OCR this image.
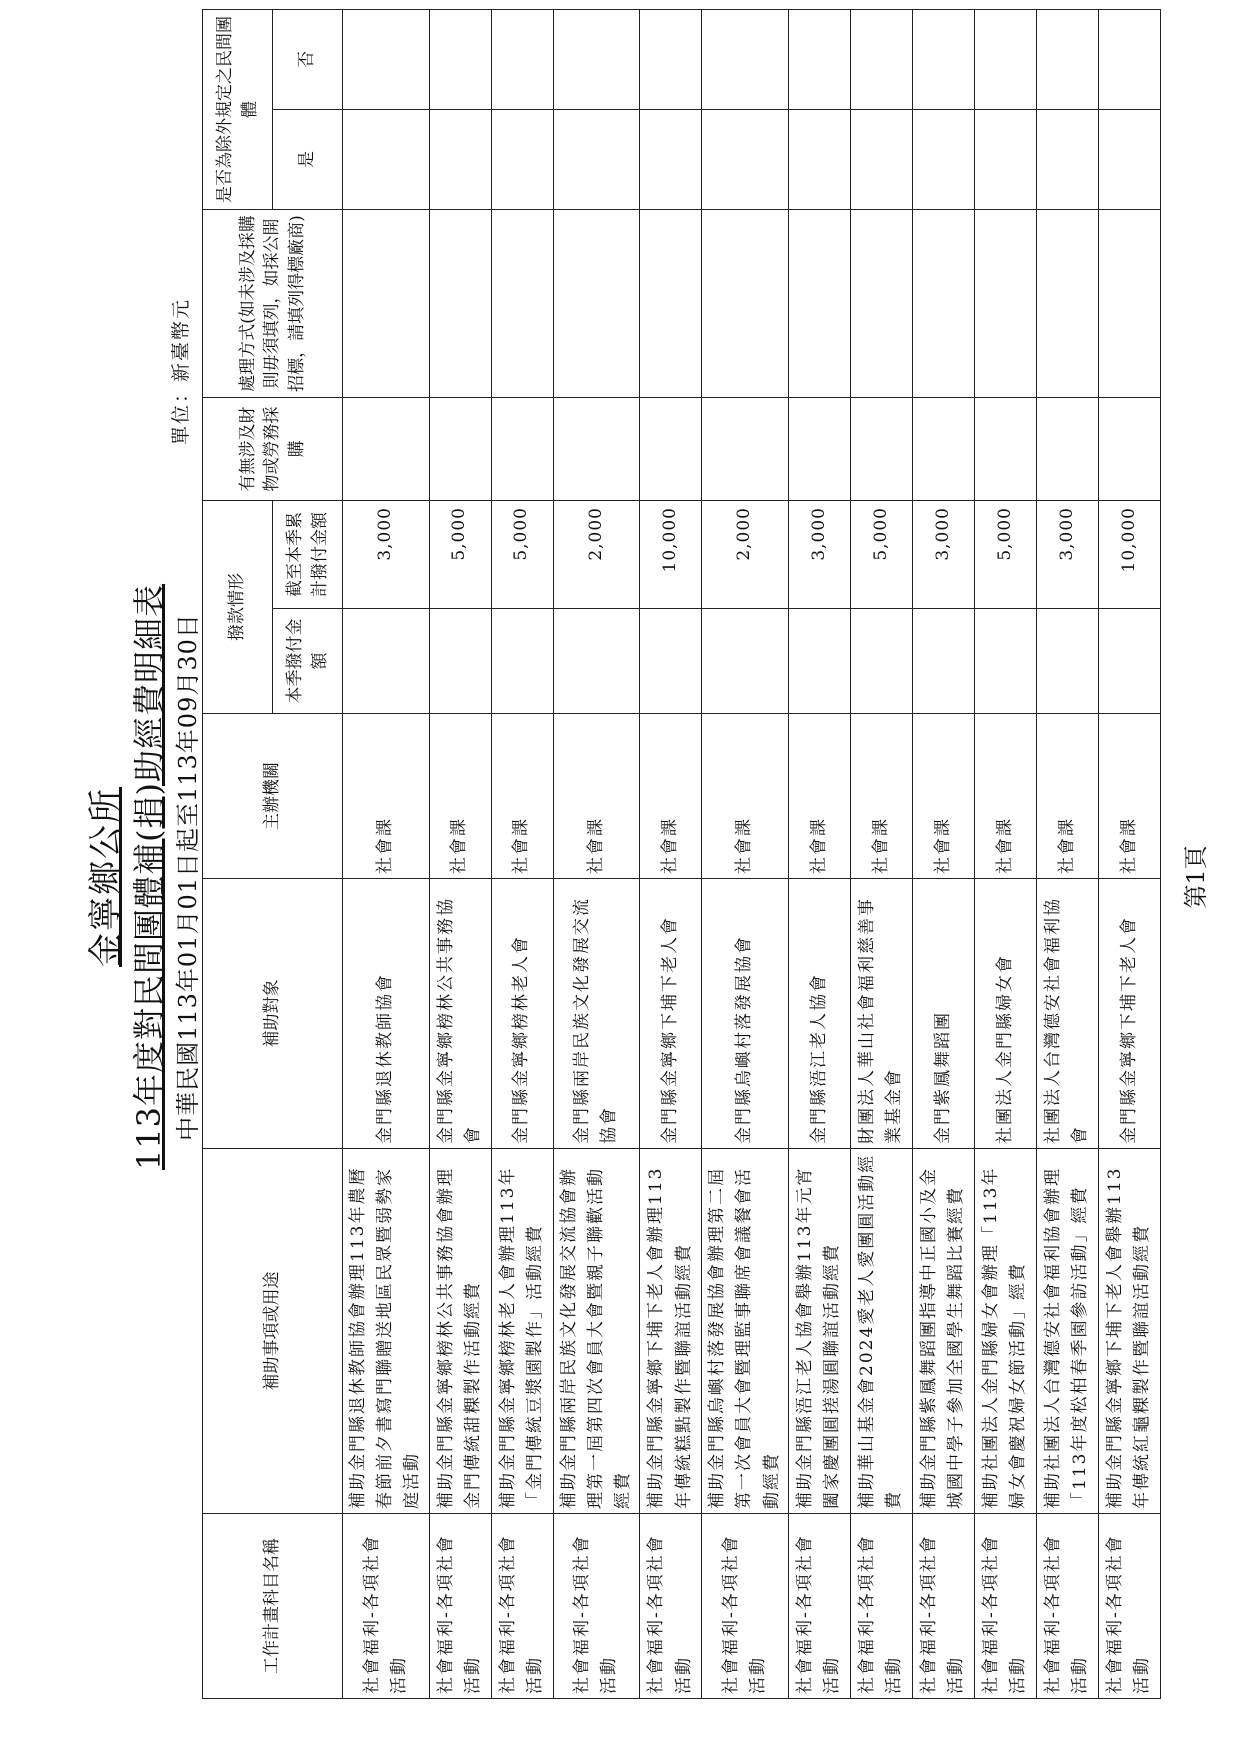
金寧鄉公所 113年度對民間團體補(捐)助經費明細表 中華民國113年01月01日起至113年09月30日
單位：新臺幣元
工作計畫科目名稱	補助事項或用途	補助對象	主辦機關	撥款情形		有無涉及財物或勞務採購	處理方式(如未涉及採購則毋須填列，如採公開招標，請填列得標廠商)	是否為除外規定之民間團體		
				本季撥付金額	截至本季累計撥付金額			是	否	

社會福利-各項社會活動	補助金門縣退休教師協會辦理113年農曆春節前夕書寫門聯贈送地區民眾暨弱勢家庭活動	金門縣退休教師協會	社會課		3,000					
社會福利-各項社會活動	補助金門縣金寧鄉榜林公共事務協會辦理金門傳統甜粿製作活動經費	金門縣金寧鄉榜林公共事務協會	社會課		5,000					
社會福利-各項社會活動	補助金門縣金寧鄉榜林老人會辦理113年「金門傳統豆漿園製作」活動經費	金門縣金寧鄉榜林老人會	社會課		5,000					
社會福利-各項社會活動	補助金門縣兩岸民族文化發展交流協會辦理第一屆第四次會員大會暨親子聯歡活動經費	金門縣兩岸民族文化發展交流協會	社會課		2,000					
社會福利-各項社會活動	補助金門縣金寧鄉下埔下老人會辦理113年傳統糕點製作暨聯誼活動經費	金門縣金寧鄉下埔下老人會	社會課		10,000					
社會福利-各項社會活動	補助金門縣烏嶼村落發展協會辦理第二屆第一次會員大會暨理監事聯席會議餐會活動經費	金門縣烏嶼村落發展協會	社會課		2,000					
社會福利-各項社會活動	補助金門縣浯江老人協會舉辦113年元宵闔家慶團圓搓湯圓聯誼活動經費	金門縣浯江老人協會	社會課		3,000					
社會福利-各項社會活動	補助華山基金會2024愛老人愛團圓活動經費	財團法人華山社會福利慈善事業基金會	社會課		5,000					
社會福利-各項社會活動	補助金門縣紫鳳舞蹈團指導中正國小及金城國中學子參加全國學生舞蹈比賽經費	金門紫鳳舞蹈團	社會課		3,000					
社會福利-各項社會活動	補助社團法人金門縣婦女會辦理「113年婦女會慶祝婦女節活動」經費	社團法人金門縣婦女會	社會課		5,000					
社會福利-各項社會活動	補助社團法人台灣德安社會福利協會辦理「113年度松柏春季園參訪活動」經費	社團法人台灣德安社會福利協會	社會課		3,000					
社會福利-各項社會活動	補助金門縣金寧鄉下埔下老人會舉辦113年傳統紅龜粿製作暨聯誼活動經費	金門縣金寧鄉下埔下老人會	社會課		10,000					
第1頁
